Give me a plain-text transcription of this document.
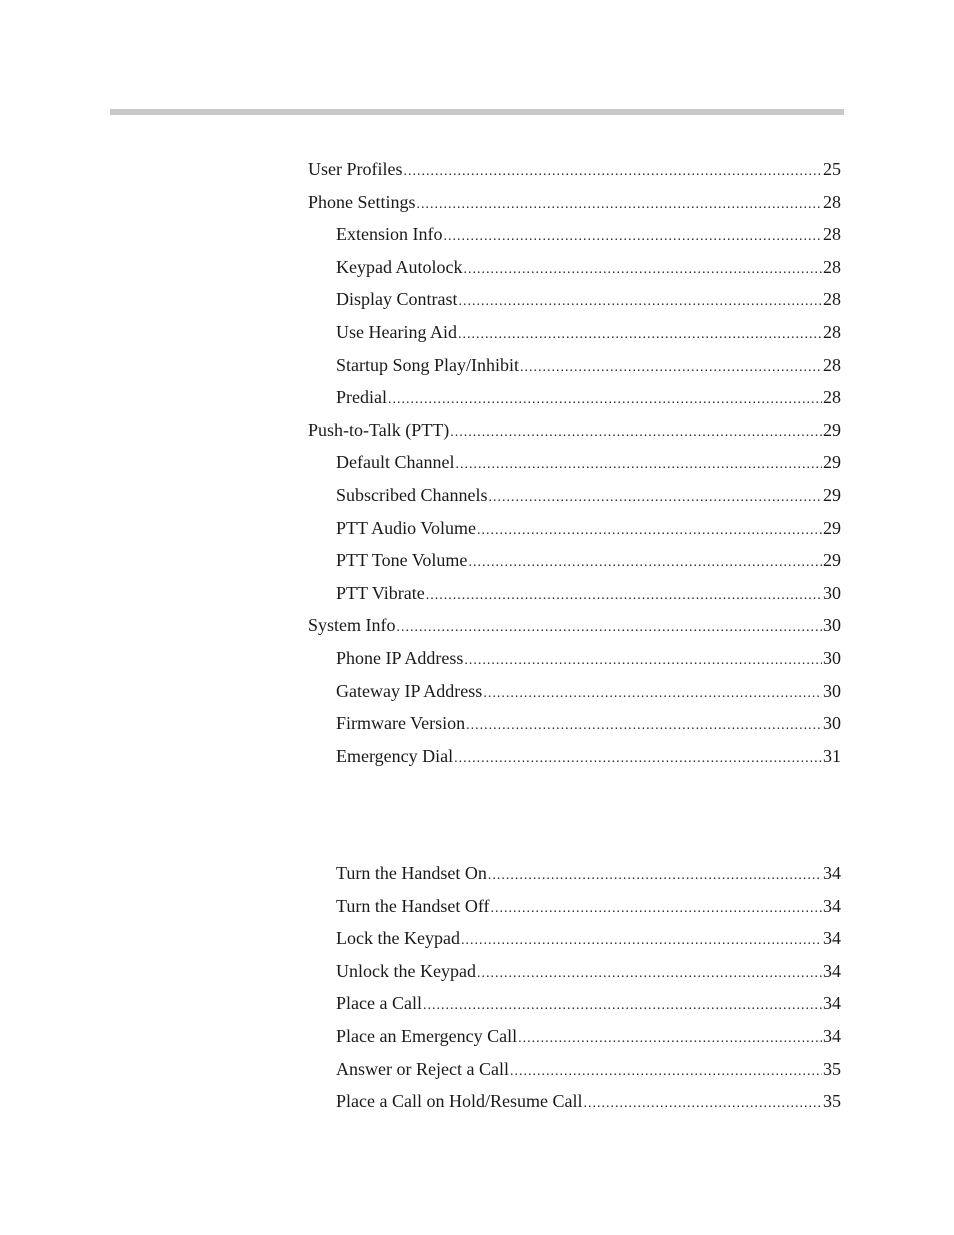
User Profiles .....	25
Phone Settings .....	28
Extension Info .....	28
Keypad Autolock .....	28
Display Contrast .....	28
Use Hearing Aid .....	28
Startup Song Play/Inhibit .....	28
Predial .....	28
Push-to-Talk (PTT) .....	29
Default Channel .....	29
Subscribed Channels .....	29
PTT Audio Volume .....	29
PTT Tone Volume .....	29
PTT Vibrate .....	30
System Info .....	30
Phone IP Address .....	30
Gateway IP Address .....	30
Firmware Version .....	30
Emergency Dial .....	31
Turn the Handset On .....	34
Turn the Handset Off .....	34
Lock the Keypad .....	34
Unlock the Keypad .....	34
Place a Call .....	34
Place an Emergency Call .....	34
Answer or Reject a Call .....	35
Place a Call on Hold/Resume Call .....	35
